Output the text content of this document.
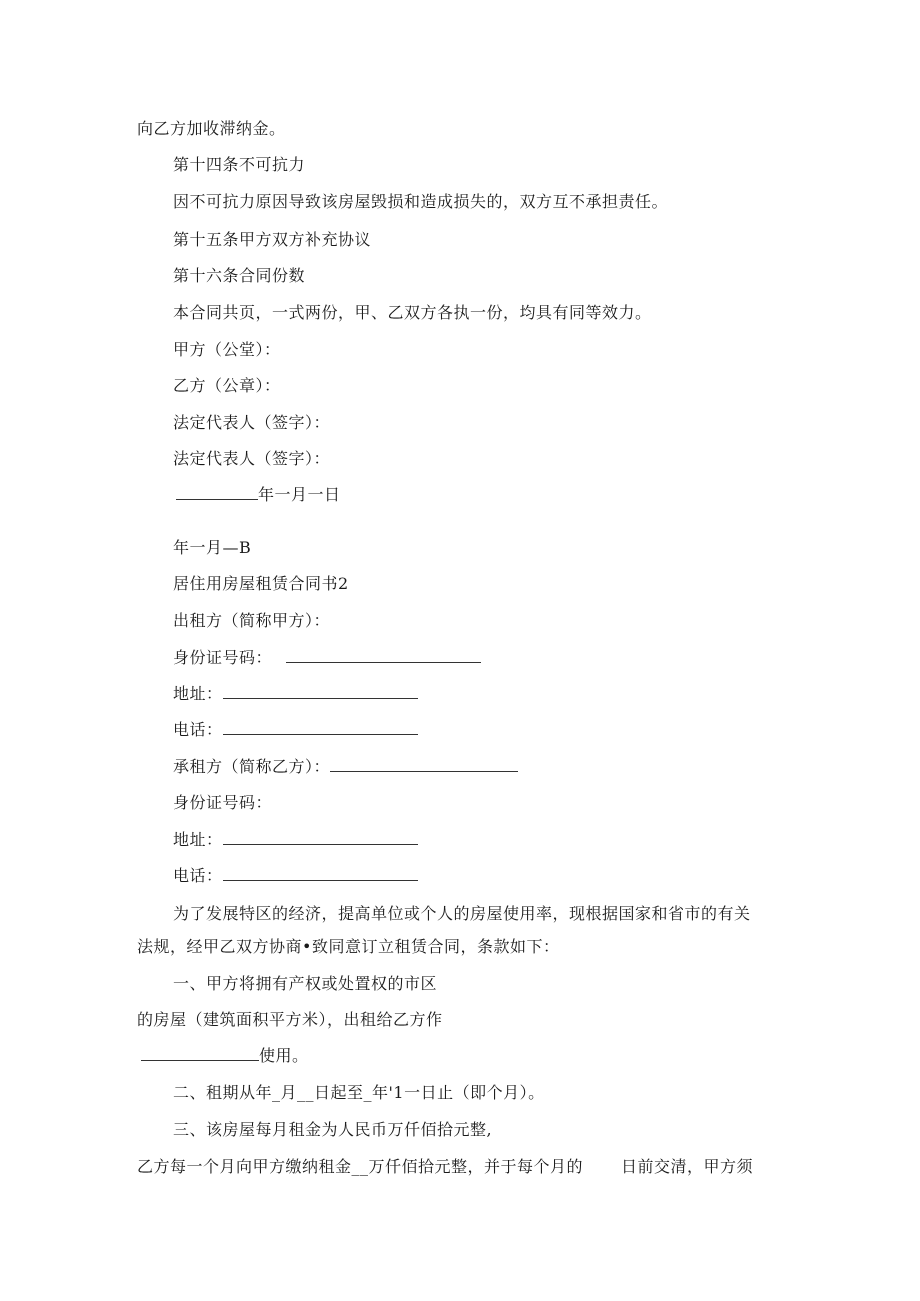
向乙方加收滞纳金。
第十四条不可抗力
因不可抗力原因导致该房屋毁损和造成损失的，双方互不承担责任。
第十五条甲方双方补充协议
第十六条合同份数
本合同共页，一式两份，甲、乙双方各执一份，均具有同等效力。
甲方（公堂）：
乙方（公章）：
法定代表人（签字）：
法定代表人（签字）：
年一月一日
年一月—B
居住用房屋租赁合同书2
出租方（简称甲方）：
身份证号码：
地址：
电话：
承租方（简称乙方）：
身份证号码：
地址：
电话：
为了发展特区的经济，提高单位或个人的房屋使用率，现根据国家和省市的有关
法规，经甲乙双方协商•致同意订立租赁合同，条款如下：
一、甲方将拥有产权或处置权的市区
的房屋（建筑面积平方米），出租给乙方作
使用。
二、租期从年_月__日起至_年'1一日止（即个月）。
三、该房屋每月租金为人民币万仟佰拾元整,
乙方每一个月向甲方缴纳租金__万仟佰拾元整，并于每个月的 日前交清，甲方须
